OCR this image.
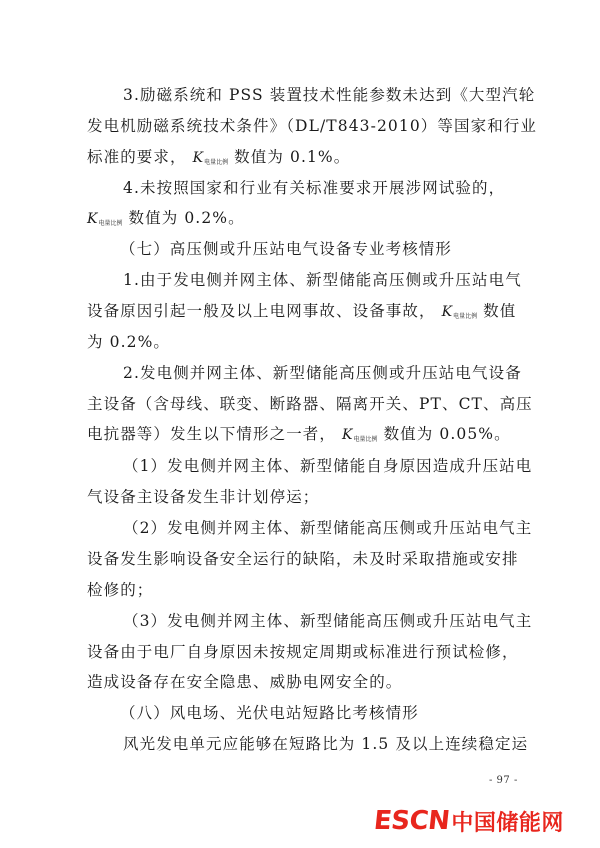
3.励磁系统和 PSS 装置技术性能参数未达到《大型汽轮
发电机励磁系统技术条件》（DL/T843-2010）等国家和行业
标准的要求， $K_{电量比例}$ 数值为 0.1%。
4.未按照国家和行业有关标准要求开展涉网试验的，
$K_{电量比例}$ 数值为 0.2%。
（七）高压侧或升压站电气设备专业考核情形
1.由于发电侧并网主体、新型储能高压侧或升压站电气
设备原因引起一般及以上电网事故、设备事故， $K_{电量比例}$ 数值
为 0.2%。
2.发电侧并网主体、新型储能高压侧或升压站电气设备
主设备（含母线、联变、断路器、隔离开关、PT、CT、高压
电抗器等）发生以下情形之一者， $K_{电量比例}$ 数值为 0.05%。
（1）发电侧并网主体、新型储能自身原因造成升压站电
气设备主设备发生非计划停运；
（2）发电侧并网主体、新型储能高压侧或升压站电气主
设备发生影响设备安全运行的缺陷，未及时采取措施或安排
检修的；
（3）发电侧并网主体、新型储能高压侧或升压站电气主
设备由于电厂自身原因未按规定周期或标准进行预试检修，
造成设备存在安全隐患、威胁电网安全的。
（八）风电场、光伏电站短路比考核情形
风光发电单元应能够在短路比为 1.5 及以上连续稳定运
- 97 -
ESCN 中国储能网
